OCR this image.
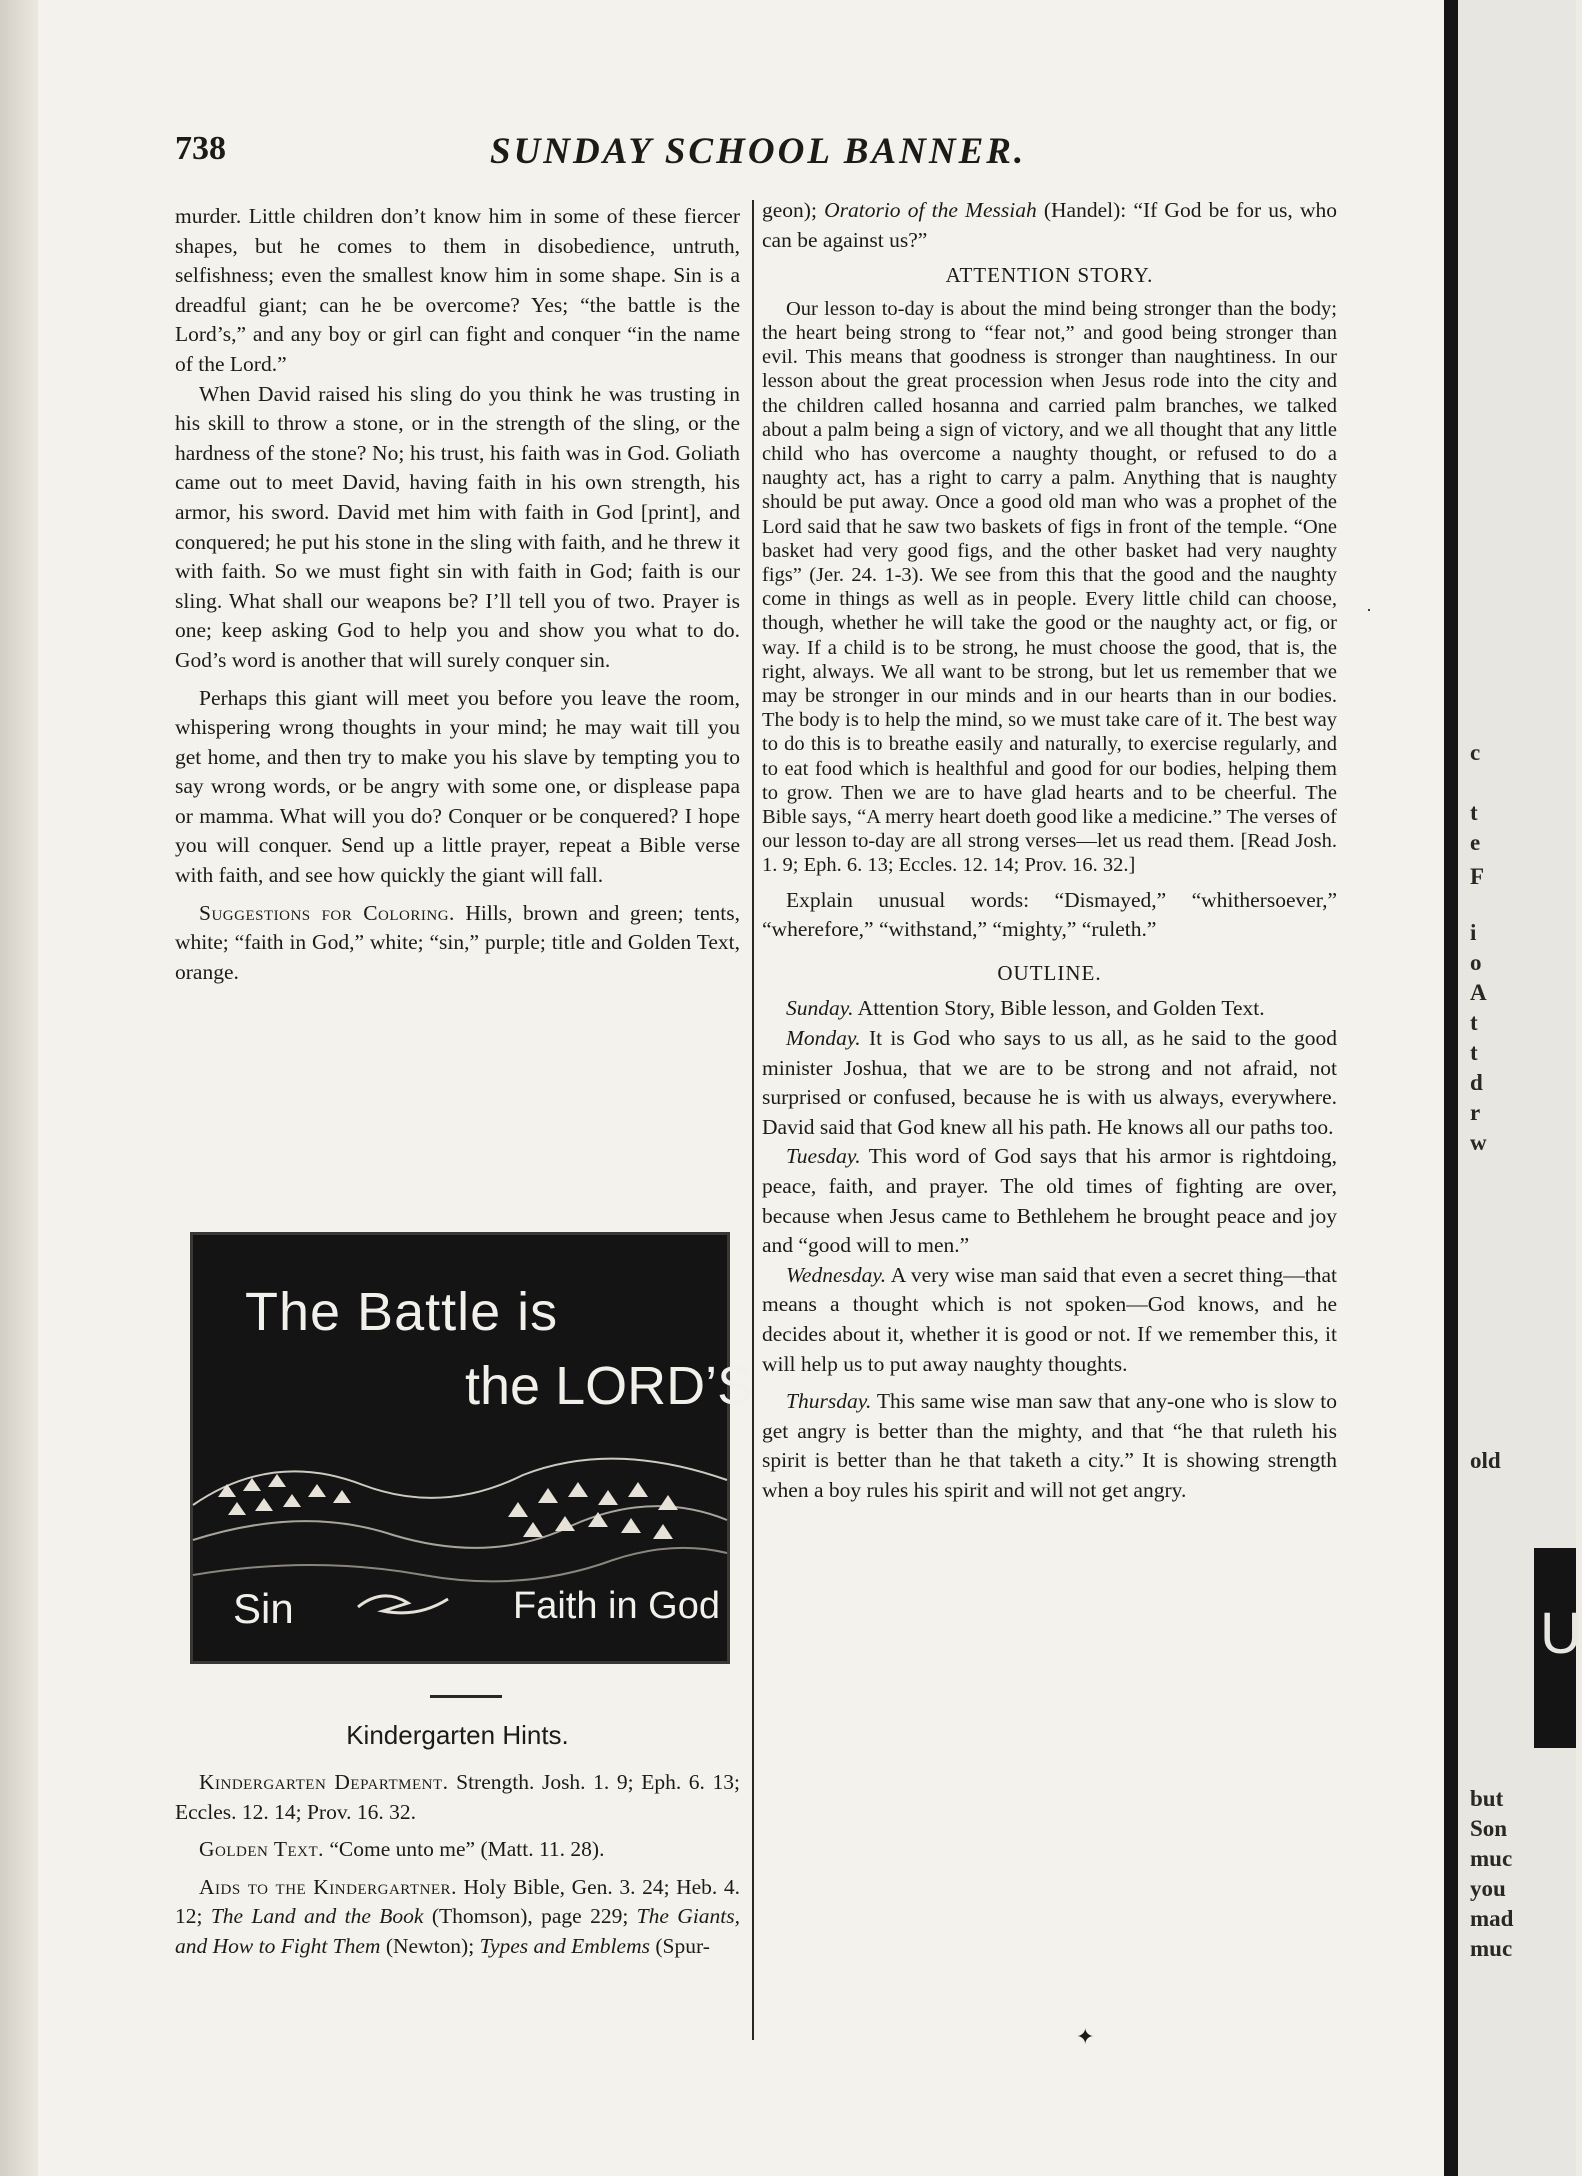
738	SUNDAY SCHOOL BANNER.

murder. Little children don’t know him in some of these fiercer shapes, but he comes to them in disobedience, untruth, selfishness; even the smallest know him in some shape. Sin is a dreadful giant; can he be overcome? Yes; “the battle is the Lord’s,” and any boy or girl can fight and conquer “in the name of the Lord.”

When David raised his sling do you think he was trusting in his skill to throw a stone, or in the strength of the sling, or the hardness of the stone? No; his trust, his faith was in God. Goliath came out to meet David, having faith in his own strength, his armor, his sword. David met him with faith in God [print], and conquered; he put his stone in the sling with faith, and he threw it with faith. So we must fight sin with faith in God; faith is our sling. What shall our weapons be? I’ll tell you of two. Prayer is one; keep asking God to help you and show you what to do. God’s word is another that will surely conquer sin.

Perhaps this giant will meet you before you leave the room, whispering wrong thoughts in your mind; he may wait till you get home, and then try to make you his slave by tempting you to say wrong words, or be angry with some one, or displease papa or mamma. What will you do? Conquer or be conquered? I hope you will conquer. Send up a little prayer, repeat a Bible verse with faith, and see how quickly the giant will fall.

Suggestions for Coloring. Hills, brown and green; tents, white; “faith in God,” white; “sin,” purple; title and Golden Text, orange.

The Battle is
the LORD’S
Sin	Faith in God
Kindergarten Hints.

Kindergarten Department. Strength. Josh. 1. 9; Eph. 6. 13; Eccles. 12. 14; Prov. 16. 32.

Golden Text. “Come unto me” (Matt. 11. 28).

Aids to the Kindergartner. Holy Bible, Gen. 3. 24; Heb. 4. 12; The Land and the Book (Thomson), page 229; The Giants, and How to Fight Them (Newton); Types and Emblems (Spur-

geon); Oratorio of the Messiah (Handel): “If God be for us, who can be against us?”

ATTENTION STORY.

Our lesson to-day is about the mind being stronger than the body; the heart being strong to “fear not,” and good being stronger than evil. This means that goodness is stronger than naughtiness. In our lesson about the great procession when Jesus rode into the city and the children called hosanna and carried palm branches, we talked about a palm being a sign of victory, and we all thought that any little child who has overcome a naughty thought, or refused to do a naughty act, has a right to carry a palm. Anything that is naughty should be put away. Once a good old man who was a prophet of the Lord said that he saw two baskets of figs in front of the temple. “One basket had very good figs, and the other basket had very naughty figs” (Jer. 24. 1-3). We see from this that the good and the naughty come in things as well as in people. Every little child can choose, though, whether he will take the good or the naughty act, or fig, or way. If a child is to be strong, he must choose the good, that is, the right, always. We all want to be strong, but let us remember that we may be stronger in our minds and in our hearts than in our bodies. The body is to help the mind, so we must take care of it. The best way to do this is to breathe easily and naturally, to exercise regularly, and to eat food which is healthful and good for our bodies, helping them to grow. Then we are to have glad hearts and to be cheerful. The Bible says, “A merry heart doeth good like a medicine.” The verses of our lesson to-day are all strong verses—let us read them. [Read Josh. 1. 9; Eph. 6. 13; Eccles. 12. 14; Prov. 16. 32.]

Explain unusual words: “Dismayed,” “whithersoever,” “wherefore,” “withstand,” “mighty,” “ruleth.”

OUTLINE.

Sunday. Attention Story, Bible lesson, and Golden Text.

Monday. It is God who says to us all, as he said to the good minister Joshua, that we are to be strong and not afraid, not surprised or confused, because he is with us always, everywhere. David said that God knew all his path. He knows all our paths too.

Tuesday. This word of God says that his armor is rightdoing, peace, faith, and prayer. The old times of fighting are over, because when Jesus came to Bethlehem he brought peace and joy and “good will to men.”

Wednesday. A very wise man said that even a secret thing—that means a thought which is not spoken—God knows, and he decides about it, whether it is good or not. If we remember this, it will help us to put away naughty thoughts.

Thursday. This same wise man saw that any-one who is slow to get angry is better than the mighty, and that “he that ruleth his spirit is better than he that taketh a city.” It is showing strength when a boy rules his spirit and will not get angry.

·
✦
c
t
e
F
i
o
A
t
t
d
r
w
old
U
but
Son
muc
you
mad
muc
